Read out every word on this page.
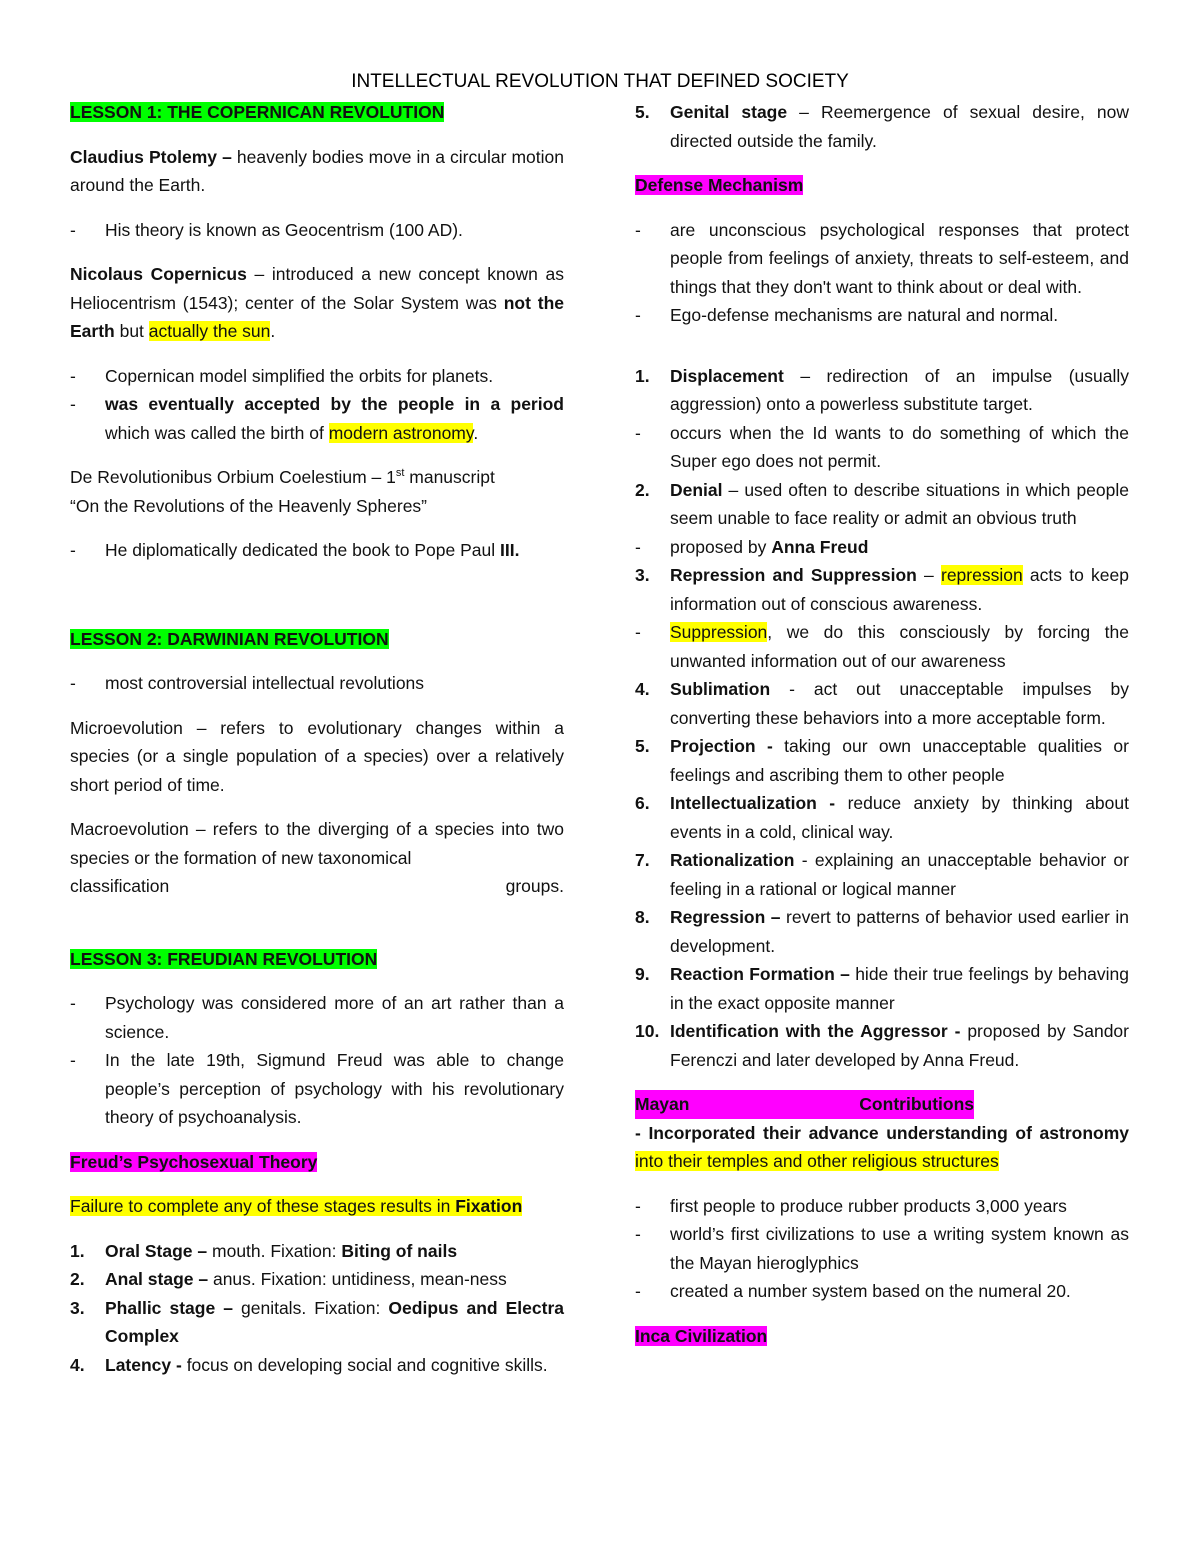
INTELLECTUAL REVOLUTION THAT DEFINED SOCIETY

LESSON 1: THE COPERNICAN REVOLUTION

Claudius Ptolemy – heavenly bodies move in a circular motion around the Earth.

- His theory is known as Geocentrism (100 AD).

Nicolaus Copernicus – introduced a new concept known as Heliocentrism (1543); center of the Solar System was not the Earth but actually the sun.

- Copernican model simplified the orbits for planets.
- was eventually accepted by the people in a period which was called the birth of modern astronomy.

De Revolutionibus Orbium Coelestium – 1st manuscript
“On the Revolutions of the Heavenly Spheres”

- He diplomatically dedicated the book to Pope Paul III.

LESSON 2: DARWINIAN REVOLUTION

- most controversial intellectual revolutions

Microevolution – refers to evolutionary changes within a species (or a single population of a species) over a relatively short period of time.

Macroevolution – refers to the diverging of a species into two species or the formation of new taxonomical

classification	groups.

LESSON 3: FREUDIAN REVOLUTION

- Psychology was considered more of an art rather than a science.
- In the late 19th, Sigmund Freud was able to change people’s perception of psychology with his revolutionary theory of psychoanalysis.

Freud’s Psychosexual Theory

Failure to complete any of these stages results in Fixation

1. Oral Stage – mouth. Fixation: Biting of nails
2. Anal stage – anus. Fixation: untidiness, mean-ness
3. Phallic stage – genitals. Fixation: Oedipus and Electra Complex
4. Latency - focus on developing social and cognitive skills.
5. Genital stage – Reemergence of sexual desire, now directed outside the family.

Defense Mechanism

- are unconscious psychological responses that protect people from feelings of anxiety, threats to self-esteem, and things that they don't want to think about or deal with.
- Ego-defense mechanisms are natural and normal.
1. Displacement – redirection of an impulse (usually aggression) onto a powerless substitute target.
- occurs when the Id wants to do something of which the Super ego does not permit.
2. Denial – used often to describe situations in which people seem unable to face reality or admit an obvious truth
- proposed by Anna Freud
3. Repression and Suppression – repression acts to keep information out of conscious awareness.
- Suppression, we do this consciously by forcing the unwanted information out of our awareness
4. Sublimation - act out unacceptable impulses by converting these behaviors into a more acceptable form.
5. Projection - taking our own unacceptable qualities or feelings and ascribing them to other people
6. Intellectualization - reduce anxiety by thinking about events in a cold, clinical way.
7. Rationalization - explaining an unacceptable behavior or feeling in a rational or logical manner
8. Regression – revert to patterns of behavior used earlier in development.
9. Reaction Formation – hide their true feelings by behaving in the exact opposite manner
10. Identification with the Aggressor - proposed by Sandor Ferenczi and later developed by Anna Freud.

Mayan	Contributions

- Incorporated their advance understanding of astronomy into their temples and other religious structures

- first people to produce rubber products 3,000 years
- world’s first civilizations to use a writing system known as the Mayan hieroglyphics
- created a number system based on the numeral 20.

Inca Civilization
